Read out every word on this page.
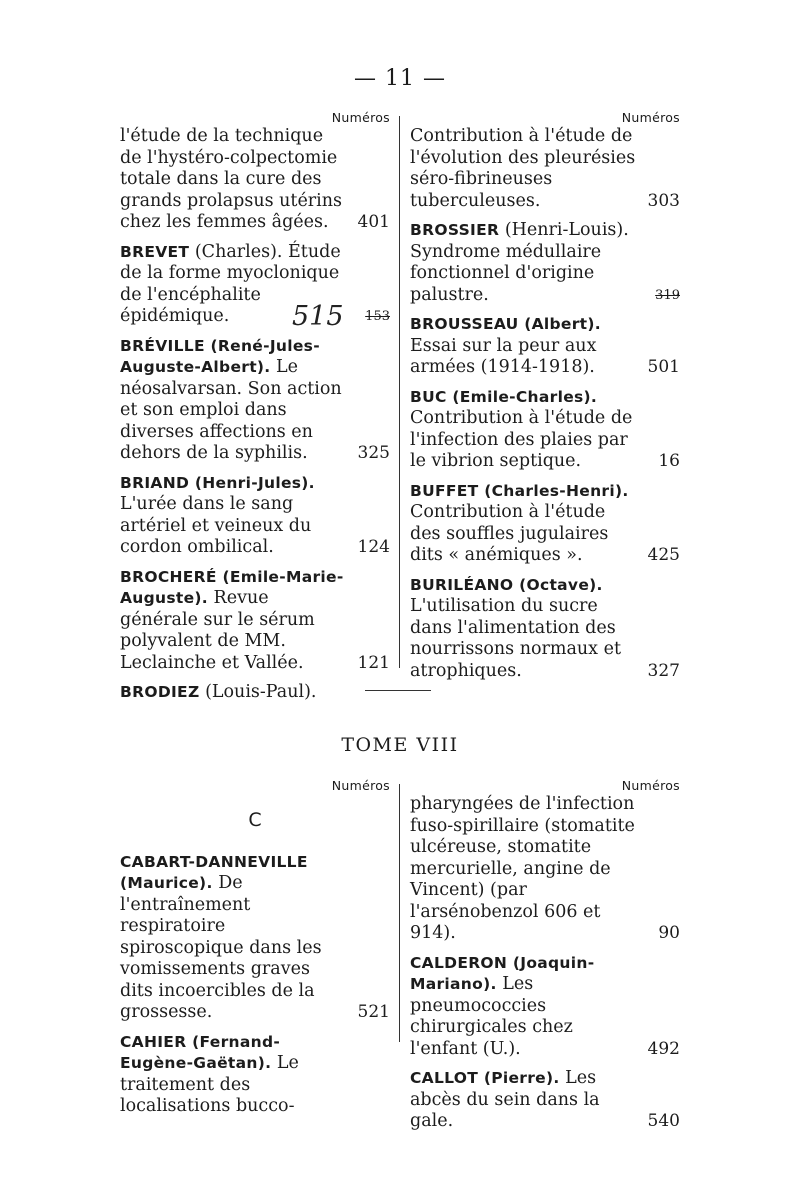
— 11 —
Numéros
l'étude de la technique de l'hystéro-colpectomie totale dans la cure des grands prolapsus utérins chez les femmes âgées.	401
BREVET (Charles). Étude de la forme myoclonique de l'encéphalite épidémique.	515 153
BRÉVILLE (René-Jules-Auguste-Albert). Le néosalvarsan. Son action et son emploi dans diverses affections en dehors de la syphilis.	325
BRIAND (Henri-Jules). L'urée dans le sang artériel et veineux du cordon ombilical.	124
BROCHERÉ (Emile-Marie-Auguste). Revue générale sur le sérum polyvalent de MM. Leclainche et Vallée.	121
BRODIEZ (Louis-Paul).
Numéros
Contribution à l'étude de l'évolution des pleurésies séro-fibrineuses tuberculeuses.	303
BROSSIER (Henri-Louis). Syndrome médullaire fonctionnel d'origine palustre.	319
BROUSSEAU (Albert). Essai sur la peur aux armées (1914-1918).	501
BUC (Emile-Charles). Contribution à l'étude de l'infection des plaies par le vibrion septique.	16
BUFFET (Charles-Henri). Contribution à l'étude des souffles jugulaires dits « anémiques ».	425
BURILÉANO (Octave). L'utilisation du sucre dans l'alimentation des nourrissons normaux et atrophiques.	327
TOME VIII
Numéros
C
CABART-DANNEVILLE (Maurice). De l'entraînement respiratoire spiroscopique dans les vomissements graves dits incoercibles de la grossesse.	521
CAHIER (Fernand-Eugène-Gaëtan). Le traitement des localisations bucco-
Numéros
pharyngées de l'infection fuso-spirillaire (stomatite ulcéreuse, stomatite mercurielle, angine de Vincent) (par l'arsénobenzol 606 et 914).	90
CALDERON (Joaquin-Mariano). Les pneumococcies chirurgicales chez l'enfant (U.).	492
CALLOT (Pierre). Les abcès du sein dans la gale.	540
